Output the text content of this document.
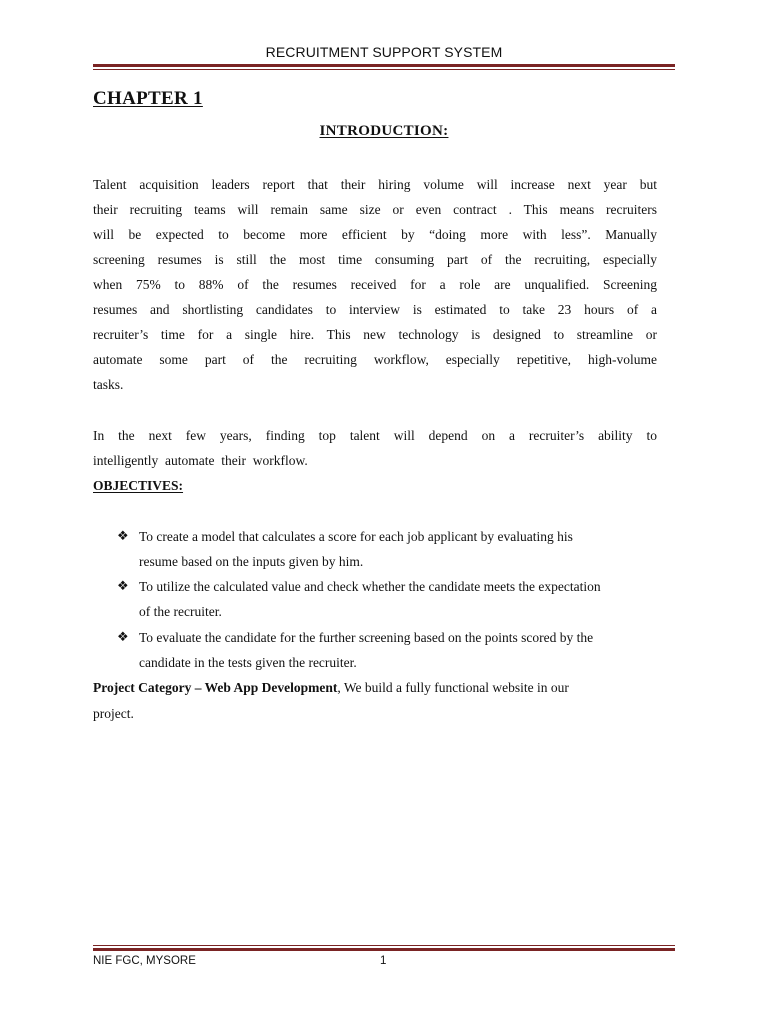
RECRUITMENT SUPPORT SYSTEM
CHAPTER 1
INTRODUCTION:
Talent acquisition leaders report that their hiring volume will increase next year but
their recruiting teams will remain same size or even contract . This means recruiters
will be expected to become more efficient by “doing more with less”. Manually
screening resumes is still the most time consuming part of the recruiting, especially
when 75% to 88% of the resumes received for a role are unqualified. Screening
resumes and shortlisting candidates to interview is estimated to take 23 hours of a
recruiter’s time for a single hire. This new technology is designed to streamline or
automate some part of the recruiting workflow, especially repetitive, high-volume
tasks.
In the next few years, finding top talent will depend on a recruiter’s ability to
intelligently  automate  their  workflow.
OBJECTIVES:
❖ To create a model that calculates a score for each job applicant by evaluating his
resume based on the inputs given by him.
❖ To utilize the calculated value and check whether the candidate meets the expectation
of the recruiter.
❖ To evaluate the candidate for the further screening based on the points scored by the
candidate in the tests given the recruiter.
Project Category – Web App Development, We build a fully functional website in our
project.
NIE FGC, MYSORE	1
